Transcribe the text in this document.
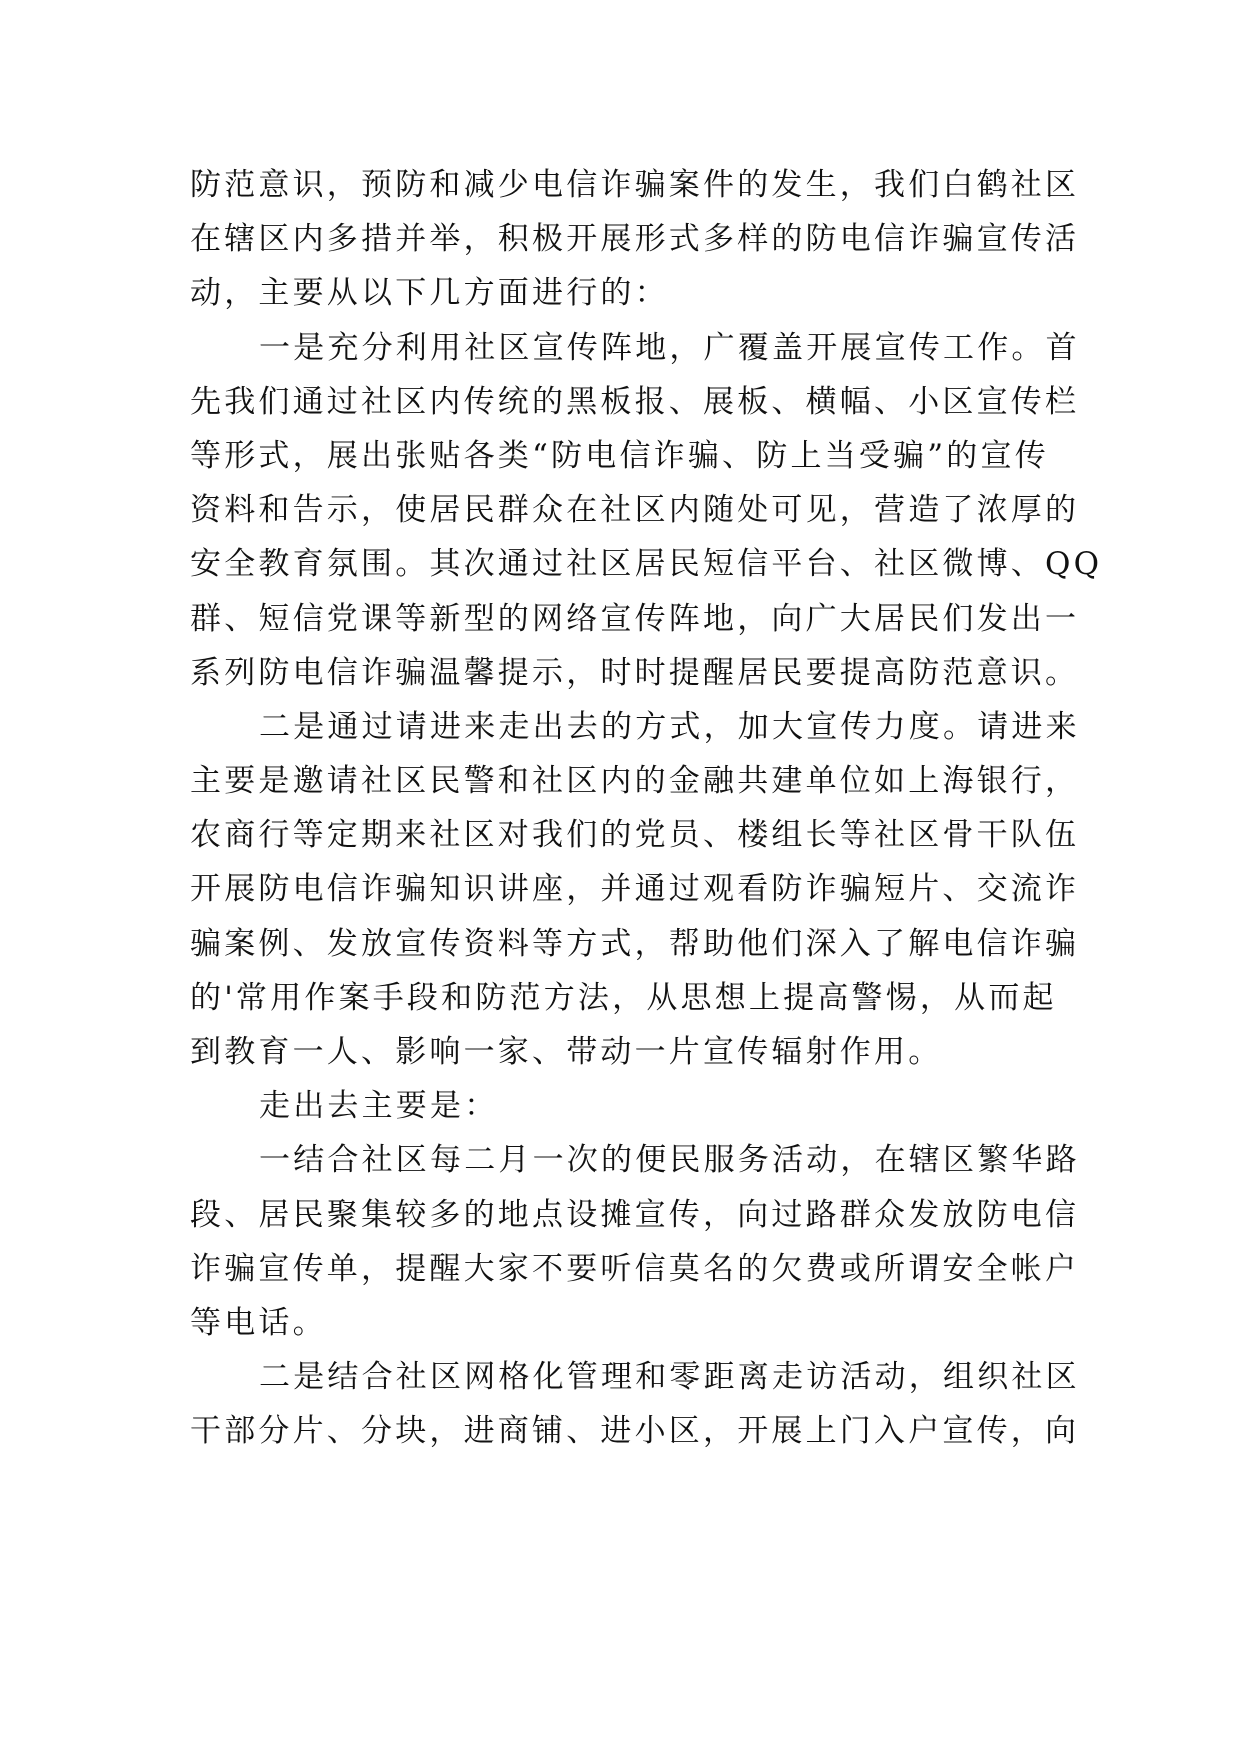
防范意识，预防和减少电信诈骗案件的发生，我们白鹤社区
在辖区内多措并举，积极开展形式多样的防电信诈骗宣传活
动，主要从以下几方面进行的：
一是充分利用社区宣传阵地，广覆盖开展宣传工作。首
先我们通过社区内传统的黑板报、展板、横幅、小区宣传栏
等形式，展出张贴各类“防电信诈骗、防上当受骗”的宣传
资料和告示，使居民群众在社区内随处可见，营造了浓厚的
安全教育氛围。其次通过社区居民短信平台、社区微博、QQ
群、短信党课等新型的网络宣传阵地，向广大居民们发出一
系列防电信诈骗温馨提示，时时提醒居民要提高防范意识。
二是通过请进来走出去的方式，加大宣传力度。请进来
主要是邀请社区民警和社区内的金融共建单位如上海银行，
农商行等定期来社区对我们的党员、楼组长等社区骨干队伍
开展防电信诈骗知识讲座，并通过观看防诈骗短片、交流诈
骗案例、发放宣传资料等方式，帮助他们深入了解电信诈骗
的'常用作案手段和防范方法，从思想上提高警惕，从而起
到教育一人、影响一家、带动一片宣传辐射作用。
走出去主要是：
一结合社区每二月一次的便民服务活动，在辖区繁华路
段、居民聚集较多的地点设摊宣传，向过路群众发放防电信
诈骗宣传单，提醒大家不要听信莫名的欠费或所谓安全帐户
等电话。
二是结合社区网格化管理和零距离走访活动，组织社区
干部分片、分块，进商铺、进小区，开展上门入户宣传，向
